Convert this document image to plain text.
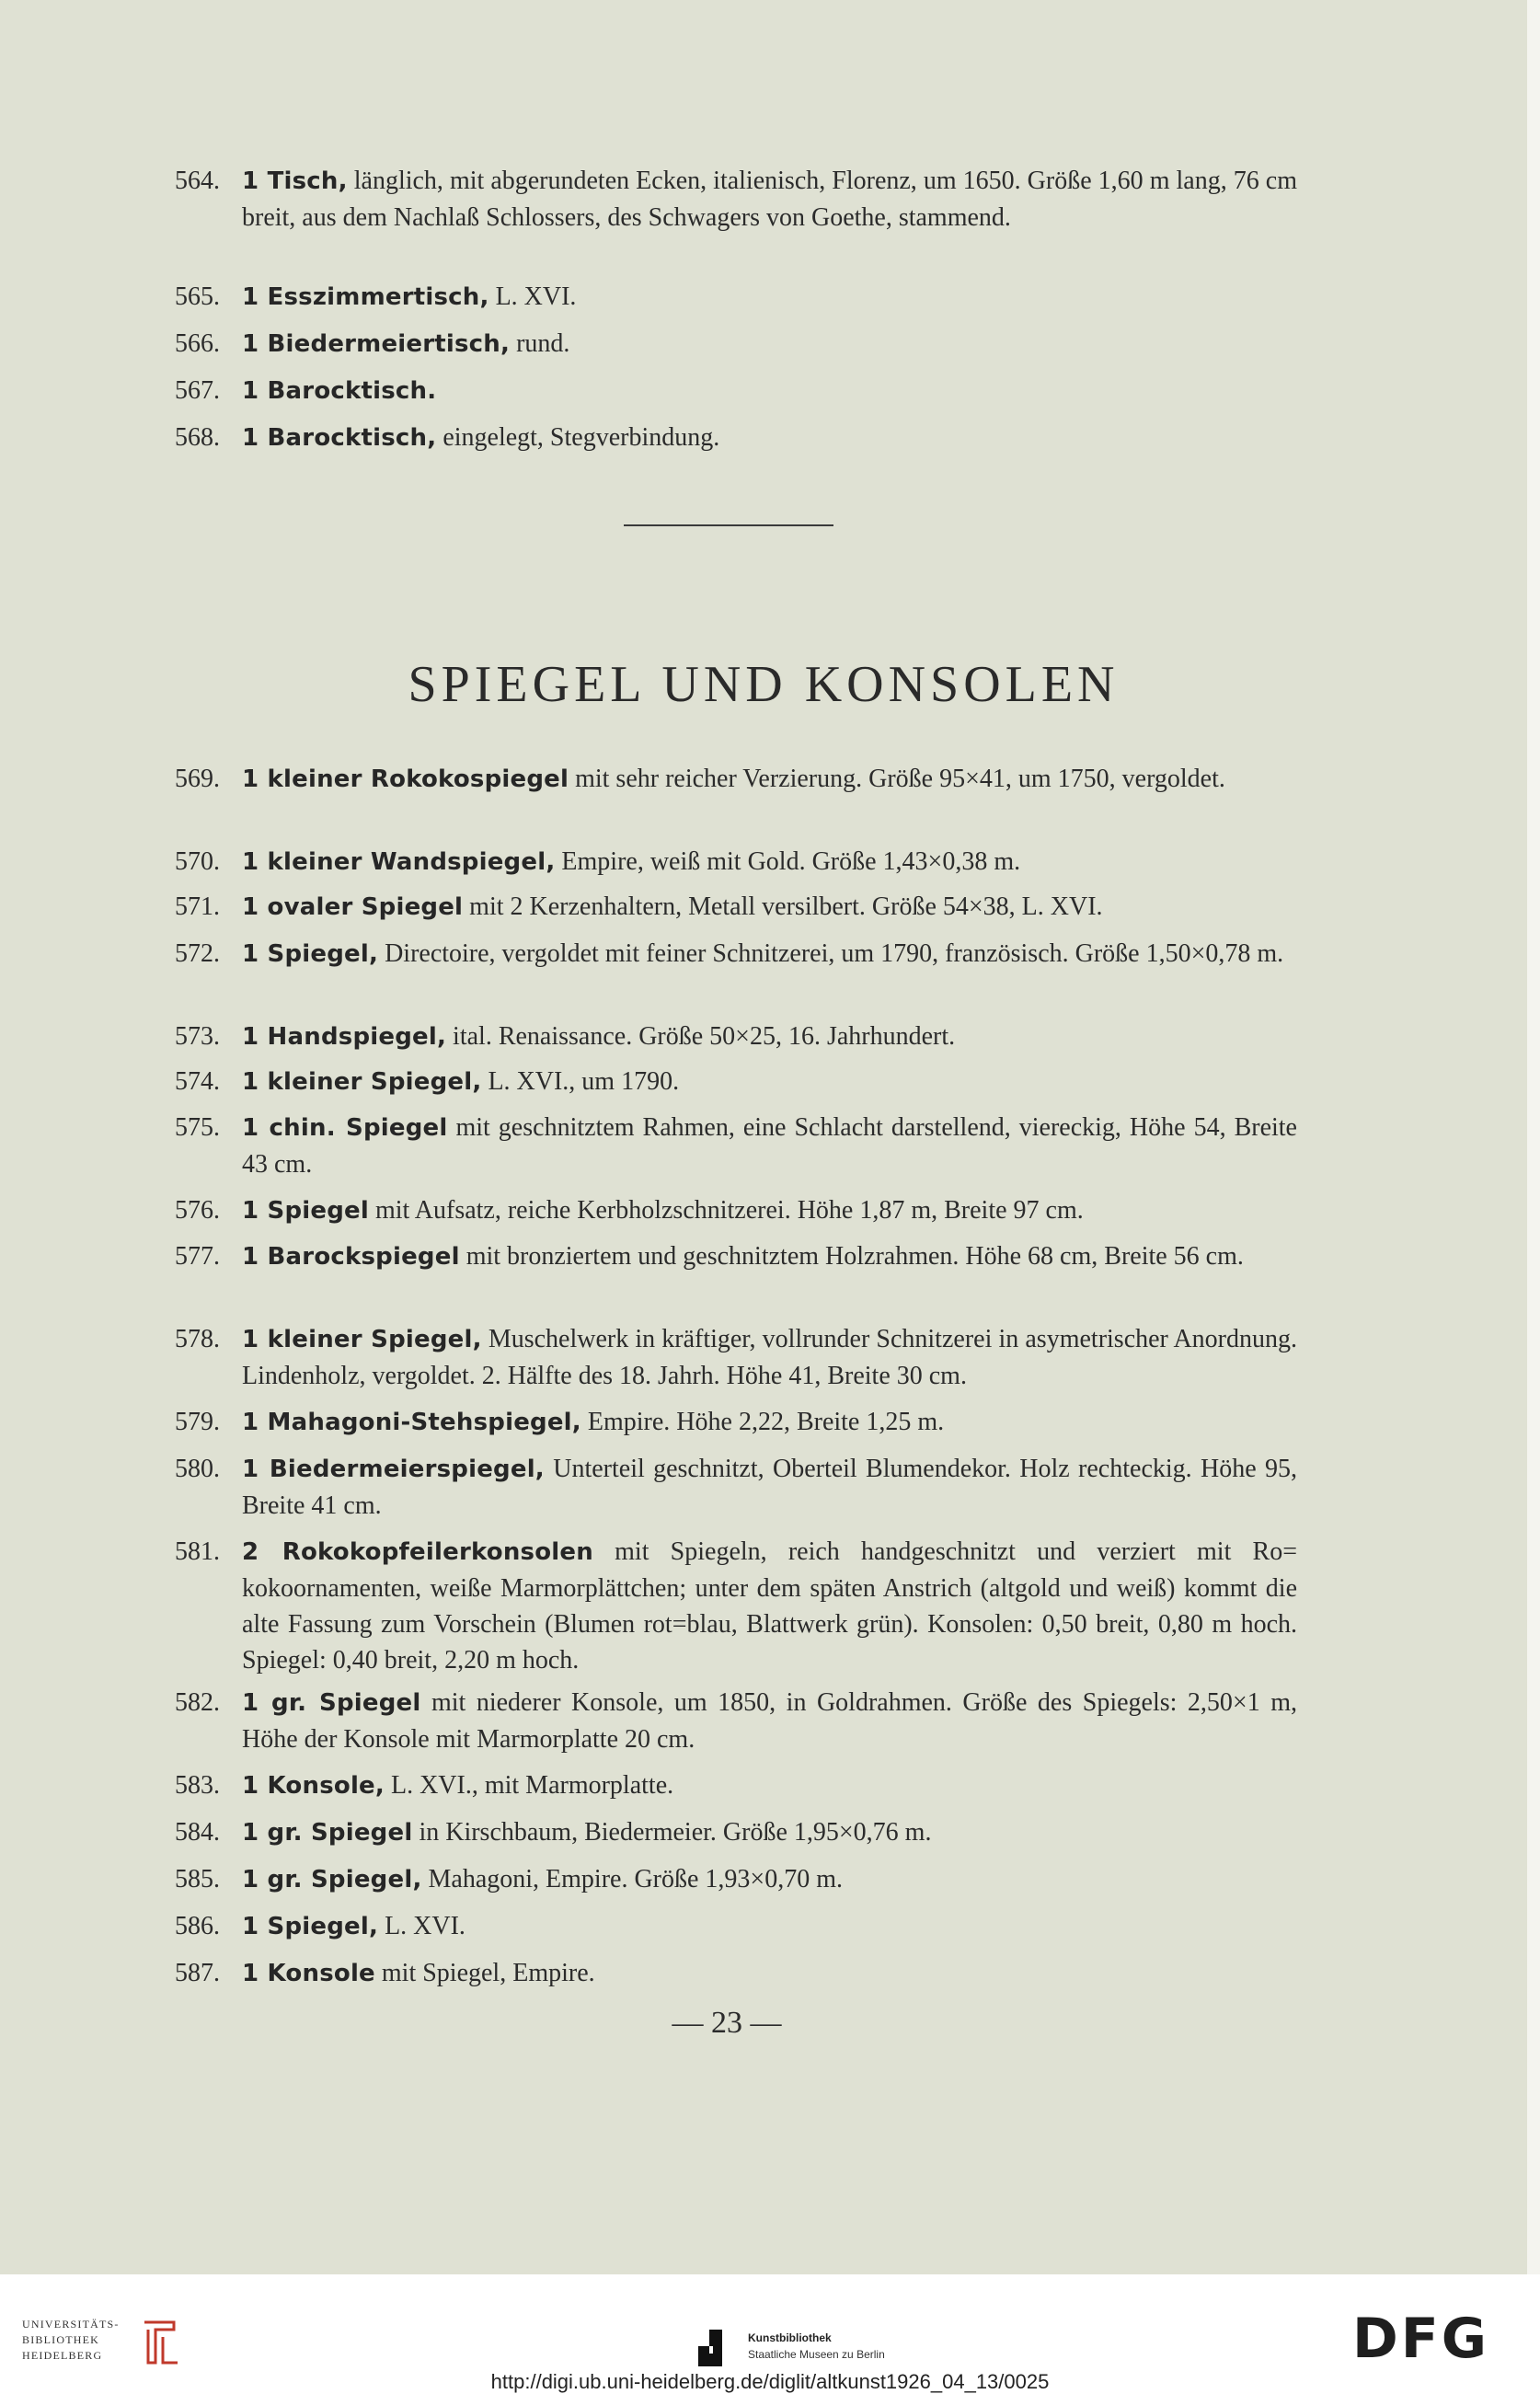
564. 1 Tisch, länglich, mit abgerundeten Ecken, italienisch, Florenz, um 1650. Größe 1,60 m lang, 76 cm breit, aus dem Nachlaß Schlossers, des Schwagers von Goethe, stammend.
565. 1 Esszimmertisch, L. XVI.
566. 1 Biedermeiertisch, rund.
567. 1 Barocktisch.
568. 1 Barocktisch, eingelegt, Stegverbindung.
SPIEGEL UND KONSOLEN
569. 1 kleiner Rokokospiegel mit sehr reicher Verzierung. Größe 95×41, um 1750, vergoldet.
570. 1 kleiner Wandspiegel, Empire, weiß mit Gold. Größe 1,43×0,38 m.
571. 1 ovaler Spiegel mit 2 Kerzenhaltern, Metall versilbert. Größe 54×38, L. XVI.
572. 1 Spiegel, Directoire, vergoldet mit feiner Schnitzerei, um 1790, französisch. Größe 1,50×0,78 m.
573. 1 Handspiegel, ital. Renaissance. Größe 50×25, 16. Jahrhundert.
574. 1 kleiner Spiegel, L. XVI., um 1790.
575. 1 chin. Spiegel mit geschnitztem Rahmen, eine Schlacht darstellend, viereckig, Höhe 54, Breite 43 cm.
576. 1 Spiegel mit Aufsatz, reiche Kerbholzschnitzerei. Höhe 1,87 m, Breite 97 cm.
577. 1 Barockspiegel mit bronziertem und geschnitztem Holzrahmen. Höhe 68 cm, Breite 56 cm.
578. 1 kleiner Spiegel, Muschelwerk in kräftiger, vollrunder Schnitzerei in asymetrischer Anordnung. Lindenholz, vergoldet. 2. Hälfte des 18. Jahrh. Höhe 41, Breite 30 cm.
579. 1 Mahagoni-Stehspiegel, Empire. Höhe 2,22, Breite 1,25 m.
580. 1 Biedermeierspiegel, Unterteil geschnitzt, Oberteil Blumendekor. Holz rechteckig. Höhe 95, Breite 41 cm.
581. 2 Rokokopfeilerkonsolen mit Spiegeln, reich handgeschnitzt und verziert mit Ro= kokoornamenten, weiße Marmorplättchen; unter dem späten Anstrich (altgold und weiß) kommt die alte Fassung zum Vorschein (Blumen rot=blau, Blattwerk grün). Konsolen: 0,50 breit, 0,80 m hoch. Spiegel: 0,40 breit, 2,20 m hoch.
582. 1 gr. Spiegel mit niederer Konsole, um 1850, in Goldrahmen. Größe des Spiegels: 2,50×1 m, Höhe der Konsole mit Marmorplatte 20 cm.
583. 1 Konsole, L. XVI., mit Marmorplatte.
584. 1 gr. Spiegel in Kirschbaum, Biedermeier. Größe 1,95×0,76 m.
585. 1 gr. Spiegel, Mahagoni, Empire. Größe 1,93×0,70 m.
586. 1 Spiegel, L. XVI.
587. 1 Konsole mit Spiegel, Empire.
— 23 —
UNIVERSITÄTS-
BIBLIOTHEK
HEIDELBERG
Kunstbibliothek
Staatliche Museen zu Berlin	DFG
http://digi.ub.uni-heidelberg.de/diglit/altkunst1926_04_13/0025
